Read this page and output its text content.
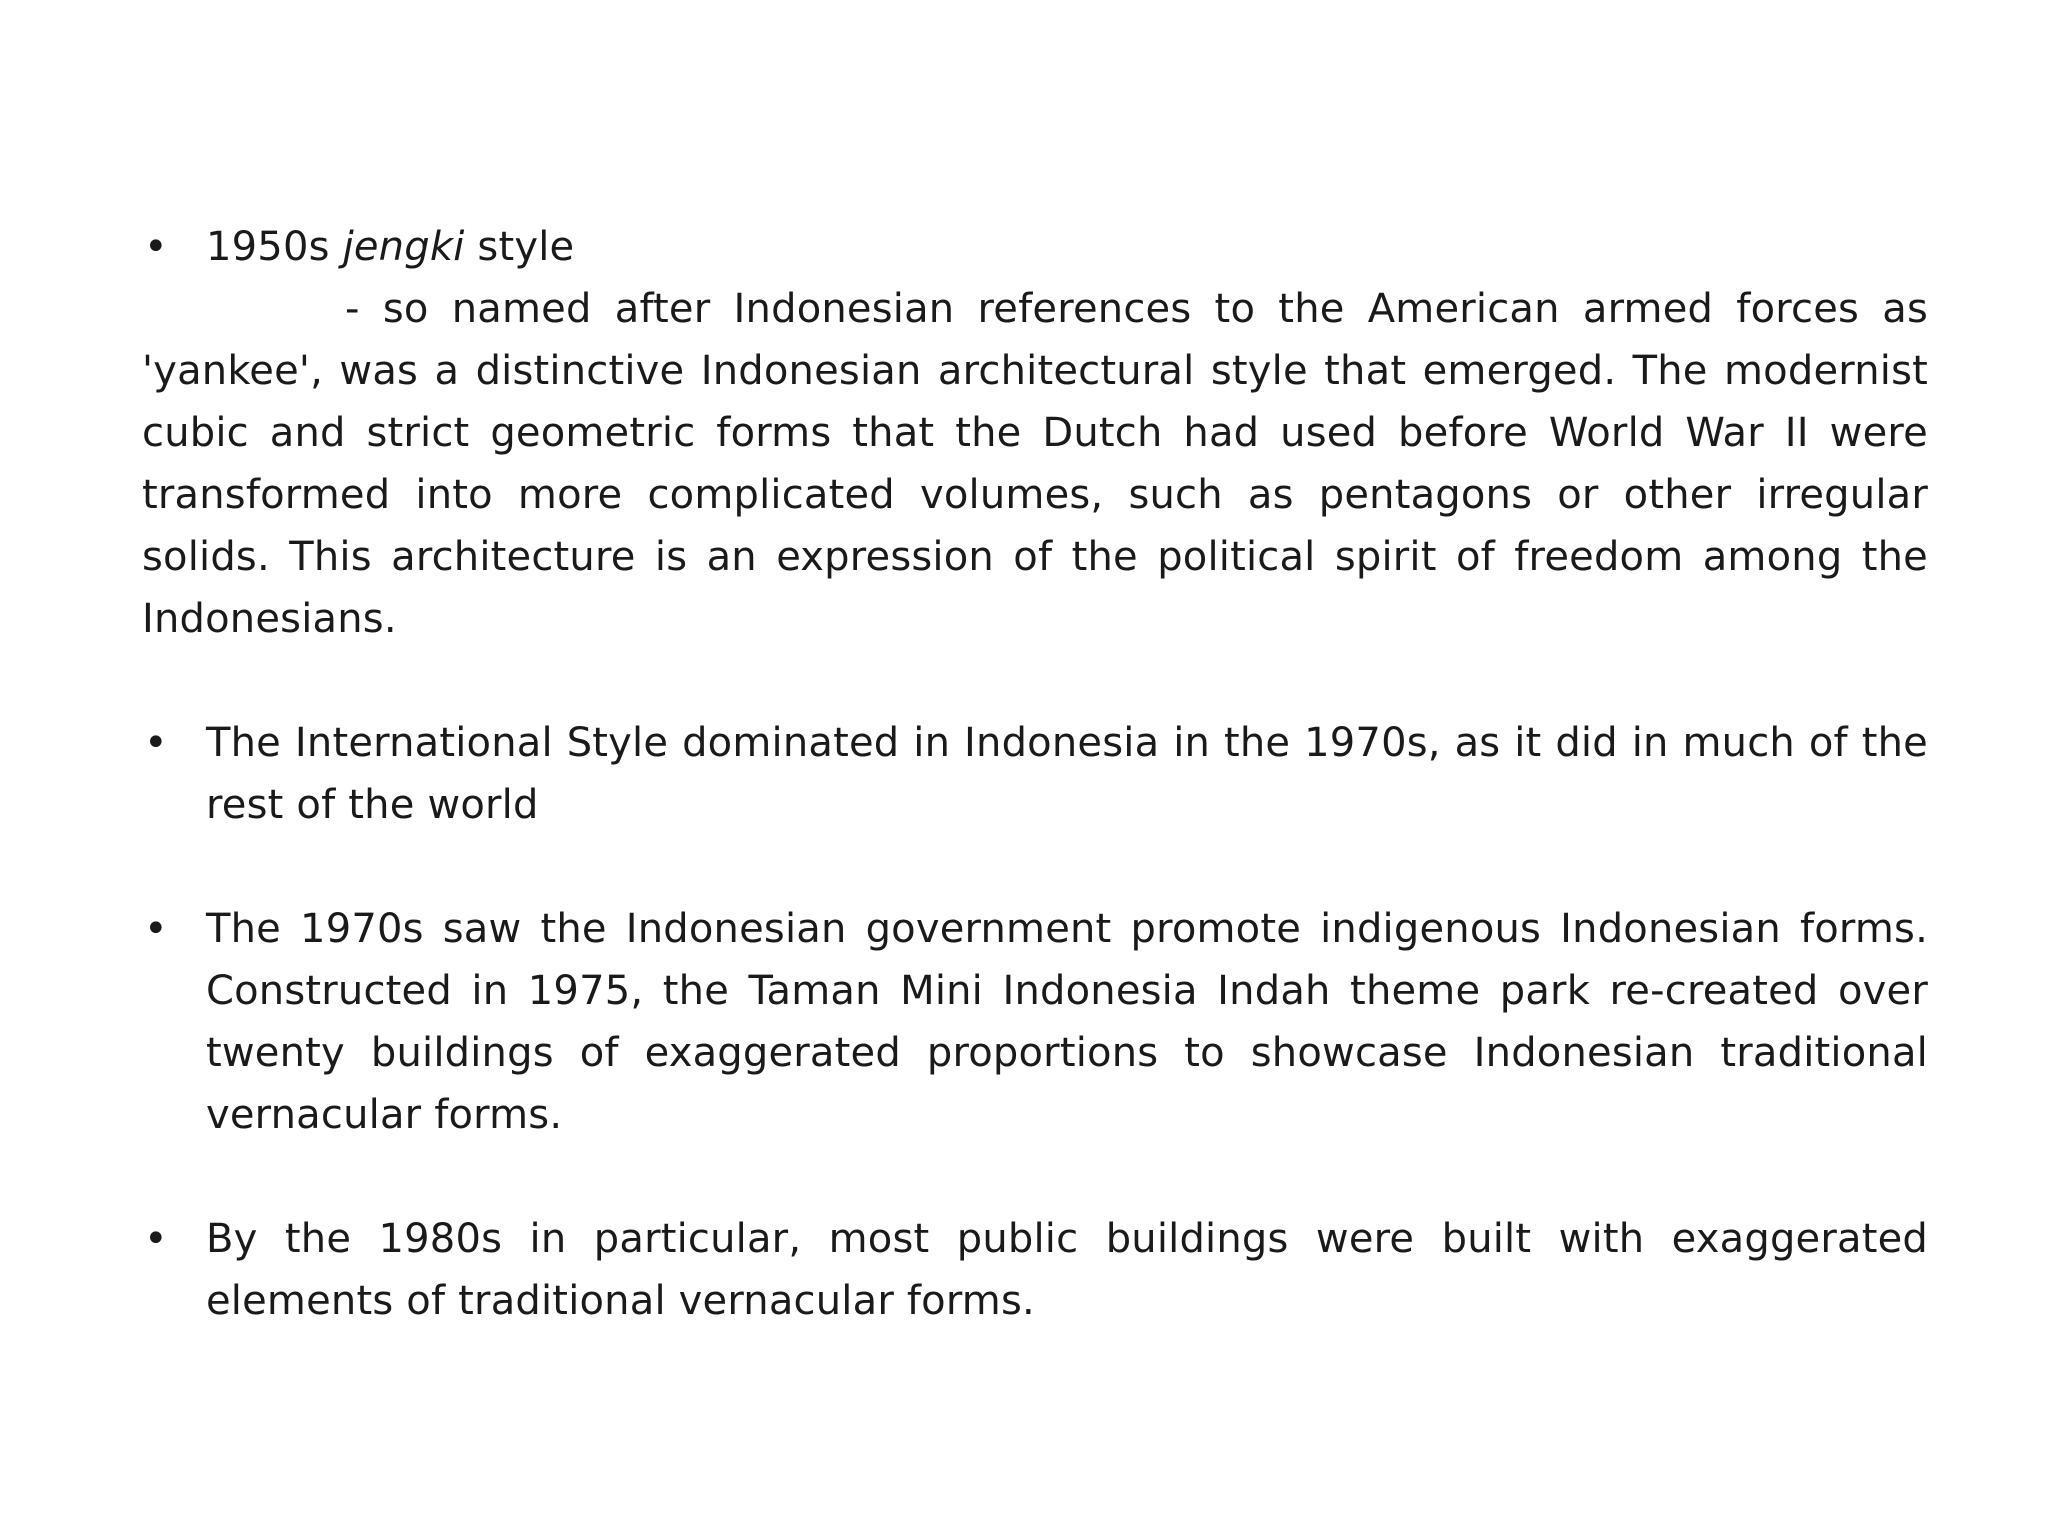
• 1950s jengki style

- so named after Indonesian references to the American armed forces as 'yankee', was a distinctive Indonesian architectural style that emerged. The modernist cubic and strict geometric forms that the Dutch had used before World War II were transformed into more complicated volumes, such as pentagons or other irregular solids. This architecture is an expression of the political spirit of freedom among the Indonesians.

• The International Style dominated in Indonesia in the 1970s, as it did in much of the rest of the world
• The 1970s saw the Indonesian government promote indigenous Indonesian forms. Constructed in 1975, the Taman Mini Indonesia Indah theme park re-created over twenty buildings of exaggerated proportions to showcase Indonesian traditional vernacular forms.
• By the 1980s in particular, most public buildings were built with exaggerated elements of traditional vernacular forms.
